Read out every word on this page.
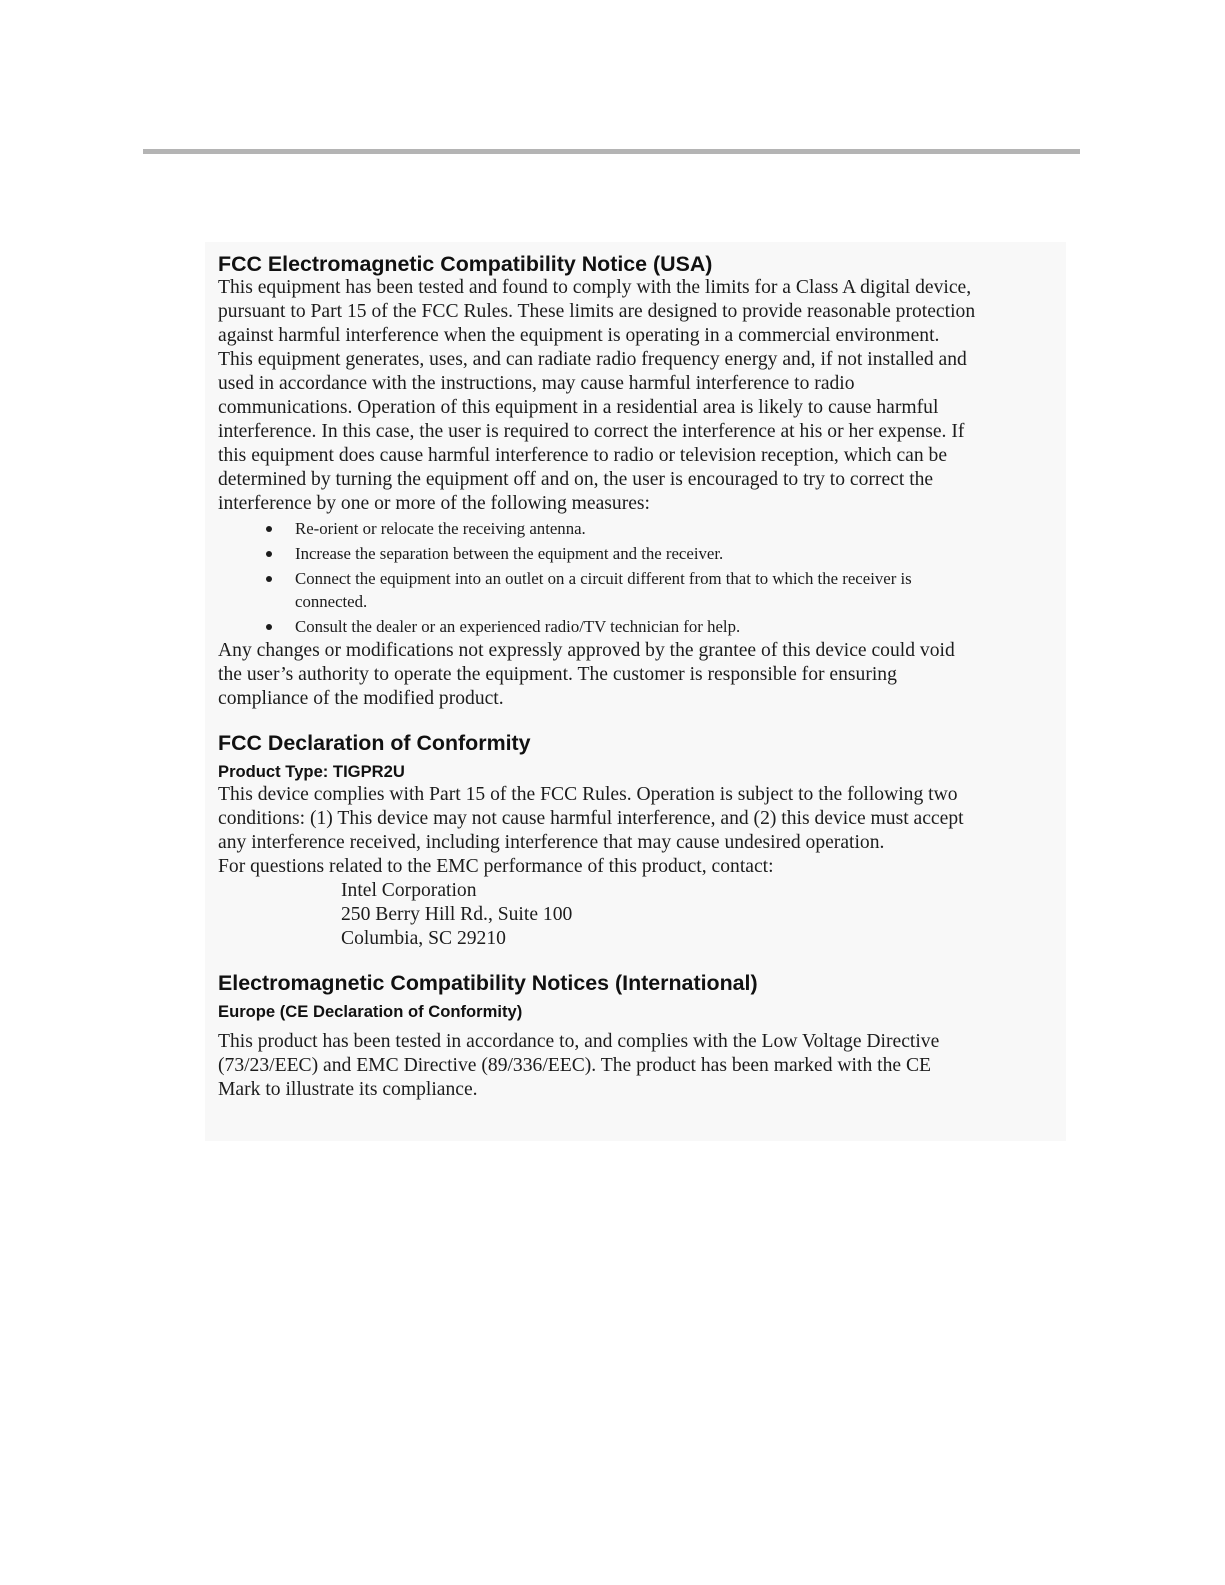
FCC Electromagnetic Compatibility Notice (USA)

This equipment has been tested and found to comply with the limits for a Class A digital device,

pursuant to Part 15 of the FCC Rules. These limits are designed to provide reasonable protection

against harmful interference when the equipment is operating in a commercial environment.

This equipment generates, uses, and can radiate radio frequency energy and, if not installed and

used in accordance with the instructions, may cause harmful interference to radio

communications. Operation of this equipment in a residential area is likely to cause harmful

interference. In this case, the user is required to correct the interference at his or her expense. If

this equipment does cause harmful interference to radio or television reception, which can be

determined by turning the equipment off and on, the user is encouraged to try to correct the

interference by one or more of the following measures:

Re-orient or relocate the receiving antenna.
Increase the separation between the equipment and the receiver.
Connect the equipment into an outlet on a circuit different from that to which the receiver is
connected.
Consult the dealer or an experienced radio/TV technician for help.

Any changes or modifications not expressly approved by the grantee of this device could void

the user’s authority to operate the equipment. The customer is responsible for ensuring

compliance of the modified product.

FCC Declaration of Conformity
Product Type: TIGPR2U

This device complies with Part 15 of the FCC Rules. Operation is subject to the following two

conditions: (1) This device may not cause harmful interference, and (2) this device must accept

any interference received, including interference that may cause undesired operation.

For questions related to the EMC performance of this product, contact:

Intel Corporation

250 Berry Hill Rd., Suite 100

Columbia, SC 29210

Electromagnetic Compatibility Notices (International)
Europe (CE Declaration of Conformity)

This product has been tested in accordance to, and complies with the Low Voltage Directive

(73/23/EEC) and EMC Directive (89/336/EEC). The product has been marked with the CE

Mark to illustrate its compliance.
